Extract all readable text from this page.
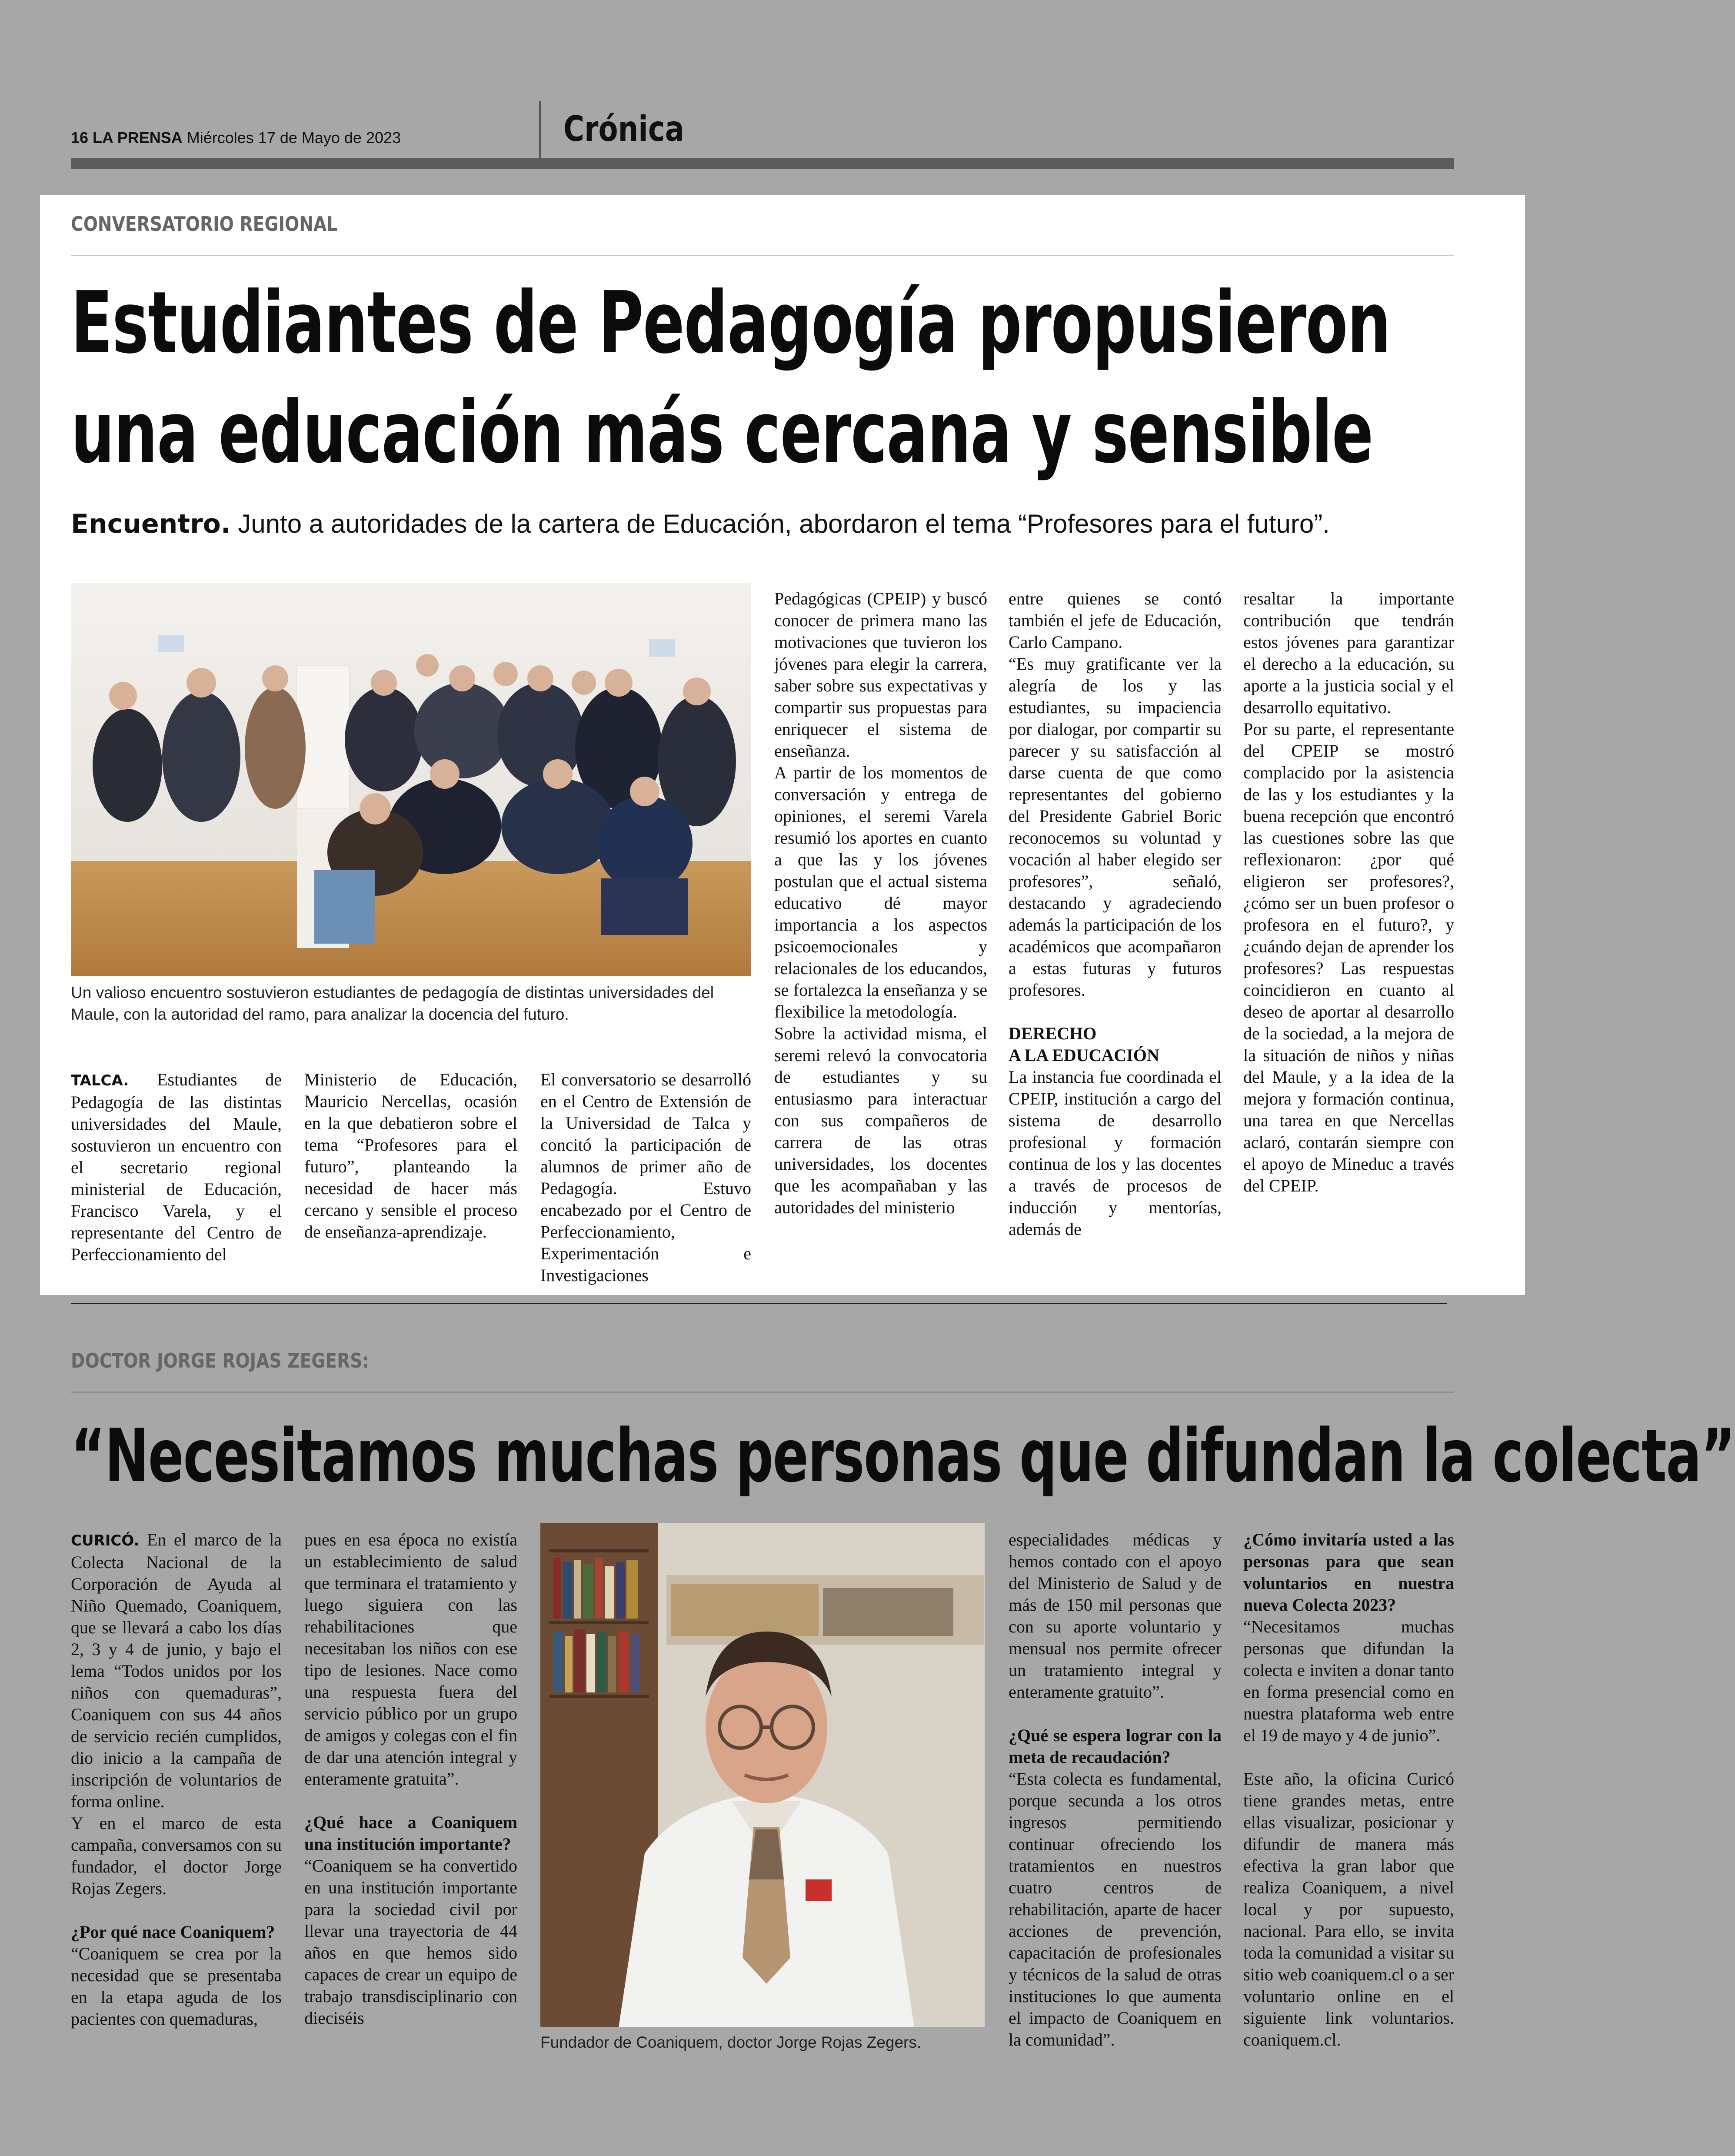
16 LA PRENSA Miércoles 17 de Mayo de 2023	Crónica
CONVERSATORIO REGIONAL
Estudiantes de Pedagogía propusieron
una educación más cercana y sensible
Encuentro. Junto a autoridades de la cartera de Educación, abordaron el tema “Profesores para el futuro”.
Un valioso encuentro sostuvieron estudiantes de pedagogía de distintas universidades del Maule, con la autoridad del ramo, para analizar la docencia del futuro.

TALCA. Estudiantes de Pedagogía de las distintas universidades del Maule, sostuvieron un encuentro con el secretario regional ministerial de Educación, Francisco Varela, y el representante del Centro de Perfeccionamiento del

Ministerio de Educación, Mauricio Nercellas, ocasión en la que debatieron sobre el tema “Profesores para el futuro”, planteando la necesidad de hacer más cercano y sensible el proceso de enseñanza-aprendizaje.

El conversatorio se desarrolló en el Centro de Extensión de la Universidad de Talca y concitó la participación de alumnos de primer año de Pedagogía. Estuvo encabezado por el Centro de Perfeccionamiento, Experimentación e Investigaciones

Pedagógicas (CPEIP) y buscó conocer de primera mano las motivaciones que tuvieron los jóvenes para elegir la carrera, saber sobre sus expectativas y compartir sus propuestas para enriquecer el sistema de enseñanza.

A partir de los momentos de conversación y entrega de opiniones, el seremi Varela resumió los aportes en cuanto a que las y los jóvenes postulan que el actual sistema educativo dé mayor importancia a los aspectos psicoemocionales y relacionales de los educandos, se fortalezca la enseñanza y se flexibilice la metodología.

Sobre la actividad misma, el seremi relevó la convocatoria de estudiantes y su entusiasmo para interactuar con sus compañeros de carrera de las otras universidades, los docentes que les acompañaban y las autoridades del ministerio

entre quienes se contó también el jefe de Educación, Carlo Campano.

“Es muy gratificante ver la alegría de los y las estudiantes, su impaciencia por dialogar, por compartir su parecer y su satisfacción al darse cuenta de que como representantes del gobierno del Presidente Gabriel Boric reconocemos su voluntad y vocación al haber elegido ser profesores”, señaló, destacando y agradeciendo además la participación de los académicos que acompañaron a estas futuras y futuros profesores.

DERECHO

A LA EDUCACIÓN

La instancia fue coordinada el CPEIP, institución a cargo del sistema de desarrollo profesional y formación continua de los y las docentes a través de procesos de inducción y mentorías, además de

resaltar la importante contribución que tendrán estos jóvenes para garantizar el derecho a la educación, su aporte a la justicia social y el desarrollo equitativo.

Por su parte, el representante del CPEIP se mostró complacido por la asistencia de las y los estudiantes y la buena recepción que encontró las cuestiones sobre las que reflexionaron: ¿por qué eligieron ser profesores?, ¿cómo ser un buen profesor o profesora en el futuro?, y ¿cuándo dejan de aprender los profesores? Las respuestas coincidieron en cuanto al deseo de aportar al desarrollo de la sociedad, a la mejora de la situación de niños y niñas del Maule, y a la idea de la mejora y formación continua, una tarea en que Nercellas aclaró, contarán siempre con el apoyo de Mineduc a través del CPEIP.

DOCTOR JORGE ROJAS ZEGERS:
“Necesitamos muchas personas que difundan la colecta”

CURICÓ. En el marco de la Colecta Nacional de la Corporación de Ayuda al Niño Quemado, Coaniquem, que se llevará a cabo los días 2, 3 y 4 de junio, y bajo el lema “Todos unidos por los niños con quemaduras”, Coaniquem con sus 44 años de servicio recién cumplidos, dio inicio a la campaña de inscripción de voluntarios de forma online.

Y en el marco de esta campaña, conversamos con su fundador, el doctor Jorge Rojas Zegers.

¿Por qué nace Coaniquem?

“Coaniquem se crea por la necesidad que se presentaba en la etapa aguda de los pacientes con quemaduras,

pues en esa época no existía un establecimiento de salud que terminara el tratamiento y luego siguiera con las rehabilitaciones que necesitaban los niños con ese tipo de lesiones. Nace como una respuesta fuera del servicio público por un grupo de amigos y colegas con el fin de dar una atención integral y enteramente gratuita”.

¿Qué hace a Coaniquem una institución importante?

“Coaniquem se ha convertido en una institución importante para la sociedad civil por llevar una trayectoria de 44 años en que hemos sido capaces de crear un equipo de trabajo transdisciplinario con dieciséis

Fundador de Coaniquem, doctor Jorge Rojas Zegers.

especialidades médicas y hemos contado con el apoyo del Ministerio de Salud y de más de 150 mil personas que con su aporte voluntario y mensual nos permite ofrecer un tratamiento integral y enteramente gratuito”.

¿Qué se espera lograr con la meta de recaudación?

“Esta colecta es fundamental, porque secunda a los otros ingresos permitiendo continuar ofreciendo los tratamientos en nuestros cuatro centros de rehabilitación, aparte de hacer acciones de prevención, capacitación de profesionales y técnicos de la salud de otras instituciones lo que aumenta el impacto de Coaniquem en la comunidad”.

¿Cómo invitaría usted a las personas para que sean voluntarios en nuestra nueva Colecta 2023?

“Necesitamos muchas personas que difundan la colecta e inviten a donar tanto en forma presencial como en nuestra plataforma web entre el 19 de mayo y 4 de junio”.

Este año, la oficina Curicó tiene grandes metas, entre ellas visualizar, posicionar y difundir de manera más efectiva la gran labor que realiza Coaniquem, a nivel local y por supuesto, nacional. Para ello, se invita toda la comunidad a visitar su sitio web coaniquem.cl o a ser voluntario online en el siguiente link voluntarios. coaniquem.cl.
